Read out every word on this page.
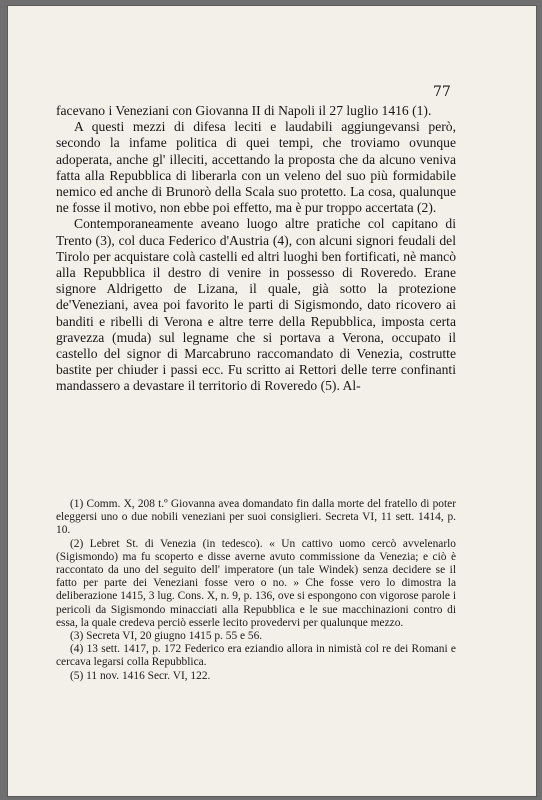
77

facevano i Veneziani con Giovanna II di Napoli il 27 luglio 1416 (1).

A questi mezzi di difesa leciti e laudabili aggiungevansi però, secondo la infame politica di quei tempi, che troviamo ovunque adoperata, anche gl' illeciti, accettando la proposta che da alcuno veniva fatta alla Repubblica di liberarla con un veleno del suo più formidabile nemico ed anche di Brunorò della Scala suo protetto. La cosa, qualunque ne fosse il motivo, non ebbe poi effetto, ma è pur troppo accertata (2).

Contemporaneamente aveano luogo altre pratiche col capitano di Trento (3), col duca Federico d'Austria (4), con alcuni signori feudali del Tirolo per acquistare colà castelli ed altri luoghi ben fortificati, nè mancò alla Repubblica il destro di venire in possesso di Roveredo. Erane signore Aldrigetto de Lizana, il quale, già sotto la protezione de'Veneziani, avea poi favorito le parti di Sigismondo, dato ricovero ai banditi e ribelli di Verona e altre terre della Repubblica, imposta certa gravezza (muda) sul legname che si portava a Verona, occupato il castello del signor di Marcabruno raccomandato di Venezia, costrutte bastite per chiuder i passi ecc. Fu scritto ai Rettori delle terre confinanti mandassero a devastare il territorio di Roveredo (5). Al-

(1) Comm. X, 208 t.º Giovanna avea domandato fin dalla morte del fratello di poter eleggersi uno o due nobili veneziani per suoi consiglieri. Secreta VI, 11 sett. 1414, p. 10.

(2) Lebret St. di Venezia (in tedesco). « Un cattivo uomo cercò avvelenarlo (Sigismondo) ma fu scoperto e disse averne avuto commissione da Venezia; e ciò è raccontato da uno del seguito dell' imperatore (un tale Windek) senza decidere se il fatto per parte dei Veneziani fosse vero o no. » Che fosse vero lo dimostra la deliberazione 1415, 3 lug. Cons. X, n. 9, p. 136, ove si espongono con vigorose parole i pericoli da Sigismondo minacciati alla Repubblica e le sue macchinazioni contro di essa, la quale credeva perciò esserle lecito provedervi per qualunque mezzo.

(3) Secreta VI, 20 giugno 1415 p. 55 e 56.

(4) 13 sett. 1417, p. 172 Federico era eziandio allora in nimistà col re dei Romani e cercava legarsi colla Repubblica.

(5) 11 nov. 1416 Secr. VI, 122.
